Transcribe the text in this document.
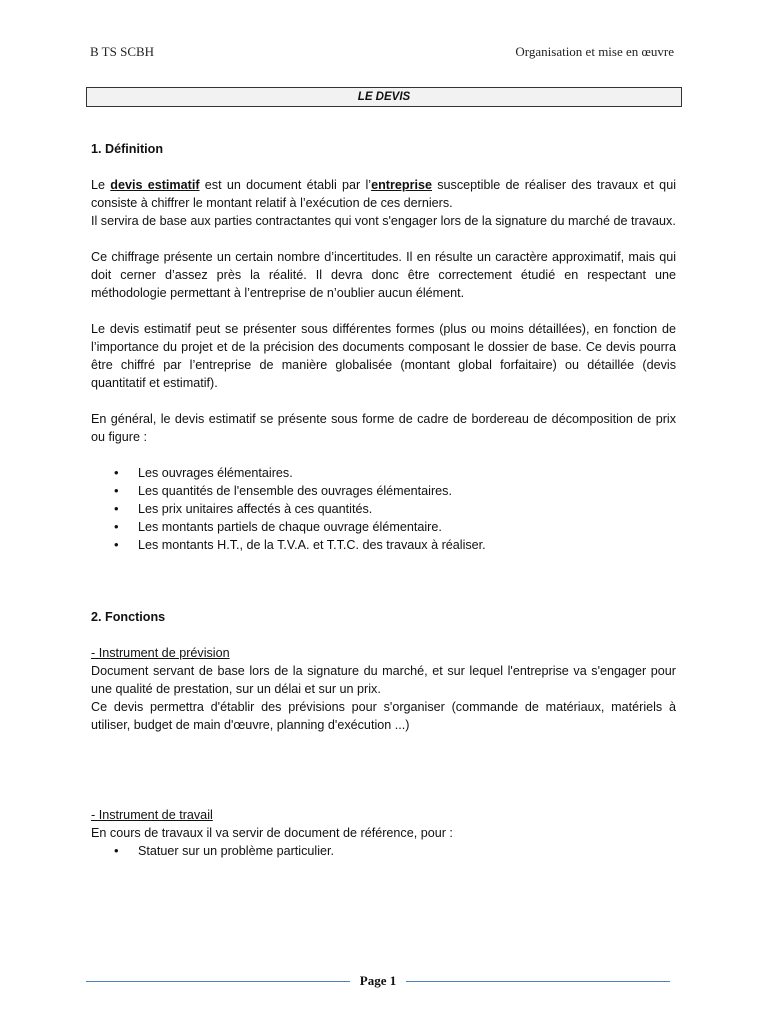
B TS SCBH	Organisation et mise en œuvre
LE DEVIS

1. Définition

Le devis estimatif est un document établi par l’entreprise susceptible de réaliser des travaux et qui consiste à chiffrer le montant relatif à l’exécution de ces derniers.

Il servira de base aux parties contractantes qui vont s'engager lors de la signature du marché de travaux.

Ce chiffrage présente un certain nombre d’incertitudes. Il en résulte un caractère approximatif, mais qui doit cerner d’assez près la réalité. Il devra donc être correctement étudié en respectant une méthodologie permettant à l’entreprise de n’oublier aucun élément.

Le devis estimatif peut se présenter sous différentes formes (plus ou moins détaillées), en fonction de l’importance du projet et de la précision des documents composant le dossier de base. Ce devis pourra être chiffré par l’entreprise de manière globalisée (montant global forfaitaire) ou détaillée (devis quantitatif et estimatif).

En général, le devis estimatif se présente sous forme de cadre de bordereau de décomposition de prix ou figure :

• Les ouvrages élémentaires.
• Les quantités de l'ensemble des ouvrages élémentaires.
• Les prix unitaires affectés à ces quantités.
• Les montants partiels de chaque ouvrage élémentaire.
• Les montants H.T., de la T.V.A. et T.T.C. des travaux à réaliser.

2. Fonctions

- Instrument de prévision

Document servant de base lors de la signature du marché, et sur lequel l'entreprise va s'engager pour une qualité de prestation, sur un délai et sur un prix.

Ce devis permettra d'établir des prévisions pour s'organiser (commande de matériaux, matériels à utiliser, budget de main d'œuvre, planning d'exécution ...)

- Instrument de travail

En cours de travaux il va servir de document de référence, pour :

• Statuer sur un problème particulier.
Page 1
